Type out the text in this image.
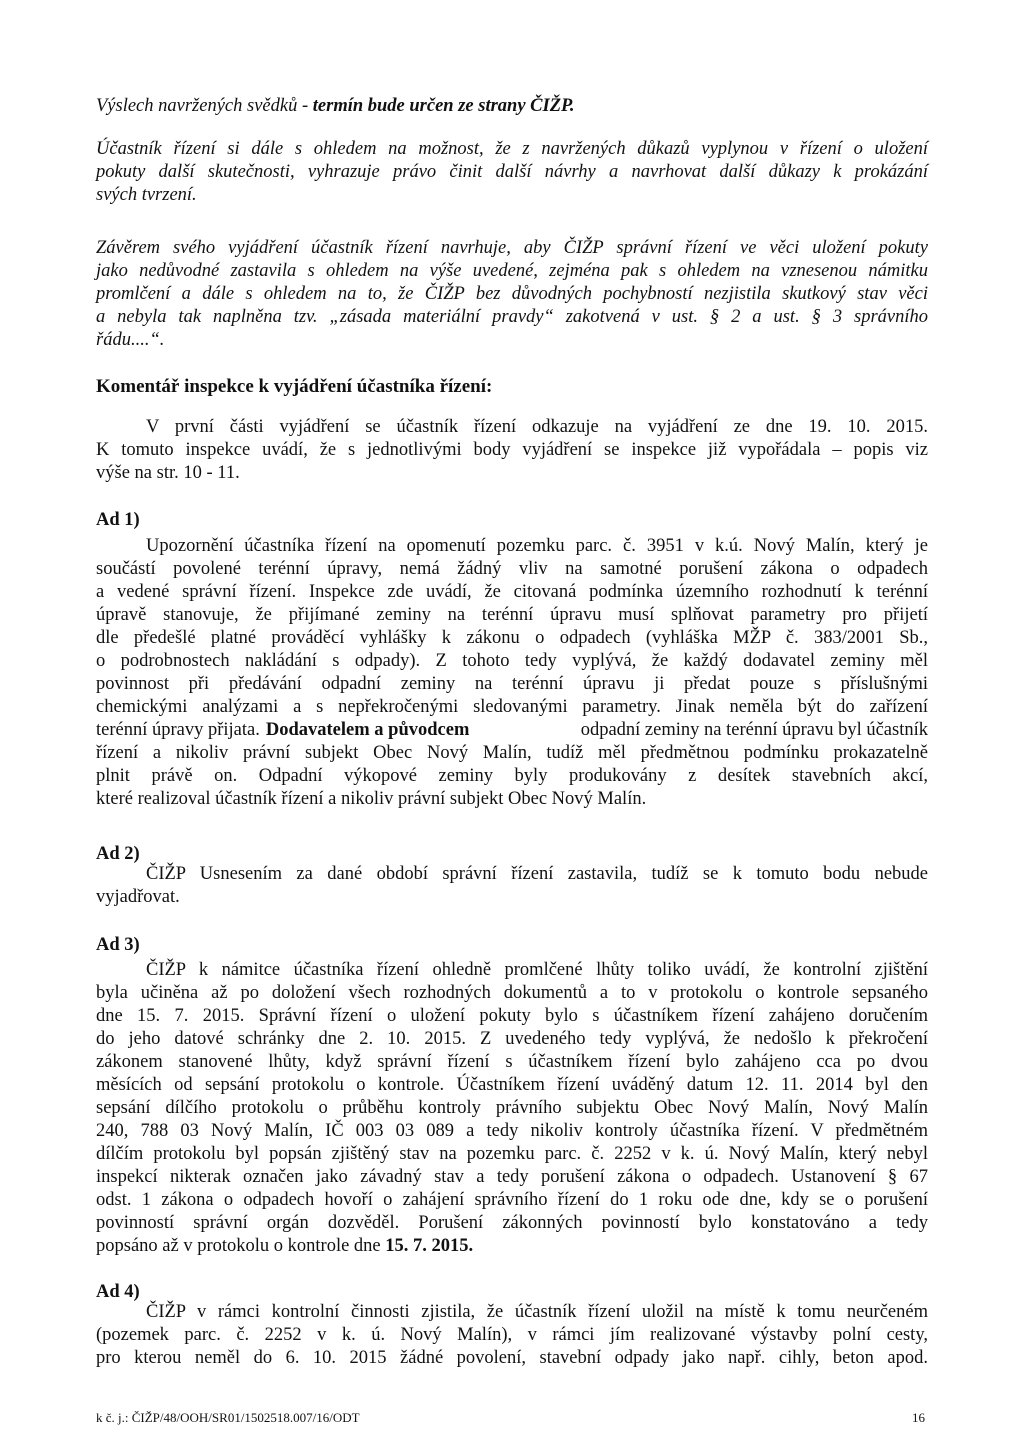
Výslech navržených svědků - termín bude určen ze strany ČIŽP.

Účastník řízení si dále s ohledem na možnost, že z navržených důkazů vyplynou v řízení o uložení

pokuty další skutečnosti, vyhrazuje právo činit další návrhy a navrhovat další důkazy k prokázání

svých tvrzení.

Závěrem svého vyjádření účastník řízení navrhuje, aby ČIŽP správní řízení ve věci uložení pokuty

jako nedůvodné zastavila s ohledem na výše uvedené, zejména pak s ohledem na vznesenou námitku

promlčení a dále s ohledem na to, že ČIŽP bez důvodných pochybností nezjistila skutkový stav věci

a nebyla tak naplněna tzv. „zásada materiální pravdy“ zakotvená v ust. § 2 a ust. § 3 správního

řádu....“.

Komentář inspekce k vyjádření účastníka řízení:

V první části vyjádření se účastník řízení odkazuje na vyjádření ze dne 19. 10. 2015.

K tomuto inspekce uvádí, že s jednotlivými body vyjádření se inspekce již vypořádala – popis viz

výše na str. 10 - 11.

Ad 1)

Upozornění účastníka řízení na opomenutí pozemku parc. č. 3951 v k.ú. Nový Malín, který je

součástí povolené terénní úpravy, nemá žádný vliv na samotné porušení zákona o odpadech

a vedené správní řízení. Inspekce zde uvádí, že citovaná podmínka územního rozhodnutí k terénní

úpravě stanovuje, že přijímané zeminy na terénní úpravu musí splňovat parametry pro přijetí

dle předešlé platné prováděcí vyhlášky k zákonu o odpadech (vyhláška MŽP č. 383/2001 Sb.,

o podrobnostech nakládání s odpady). Z tohoto tedy vyplývá, že každý dodavatel zeminy měl

povinnost při předávání odpadní zeminy na terénní úpravu ji předat pouze s příslušnými

chemickými analýzami a s nepřekročenými sledovanými parametry. Jinak neměla být do zařízení

terénní úpravy přijata. Dodavatelem a původcem	odpadní zeminy na terénní úpravu byl účastník

řízení a nikoliv právní subjekt Obec Nový Malín, tudíž měl předmětnou podmínku prokazatelně

plnit právě on. Odpadní výkopové zeminy byly produkovány z desítek stavebních akcí,

které realizoval účastník řízení a nikoliv právní subjekt Obec Nový Malín.

Ad 2)

ČIŽP Usnesením za dané období správní řízení zastavila, tudíž se k tomuto bodu nebude

vyjadřovat.

Ad 3)

ČIŽP k námitce účastníka řízení ohledně promlčené lhůty toliko uvádí, že kontrolní zjištění

byla učiněna až po doložení všech rozhodných dokumentů a to v protokolu o kontrole sepsaného

dne 15. 7. 2015. Správní řízení o uložení pokuty bylo s účastníkem řízení zahájeno doručením

do jeho datové schránky dne 2. 10. 2015. Z uvedeného tedy vyplývá, že nedošlo k překročení

zákonem stanovené lhůty, když správní řízení s účastníkem řízení bylo zahájeno cca po dvou

měsících od sepsání protokolu o kontrole. Účastníkem řízení uváděný datum 12. 11. 2014 byl den

sepsání dílčího protokolu o průběhu kontroly právního subjektu Obec Nový Malín, Nový Malín

240, 788 03 Nový Malín, IČ 003 03 089 a tedy nikoliv kontroly účastníka řízení. V předmětném

dílčím protokolu byl popsán zjištěný stav na pozemku parc. č. 2252 v k. ú. Nový Malín, který nebyl

inspekcí nikterak označen jako závadný stav a tedy porušení zákona o odpadech. Ustanovení § 67

odst. 1 zákona o odpadech hovoří o zahájení správního řízení do 1 roku ode dne, kdy se o porušení

povinností správní orgán dozvěděl. Porušení zákonných povinností bylo konstatováno a tedy

popsáno až v protokolu o kontrole dne 15. 7. 2015.

Ad 4)

ČIŽP v rámci kontrolní činnosti zjistila, že účastník řízení uložil na místě k tomu neurčeném

(pozemek parc. č. 2252 v k. ú. Nový Malín), v rámci jím realizované výstavby polní cesty,

pro kterou neměl do 6. 10. 2015 žádné povolení, stavební odpady jako např. cihly, beton apod.

k č. j.: ČIŽP/48/OOH/SR01/1502518.007/16/ODT	16
